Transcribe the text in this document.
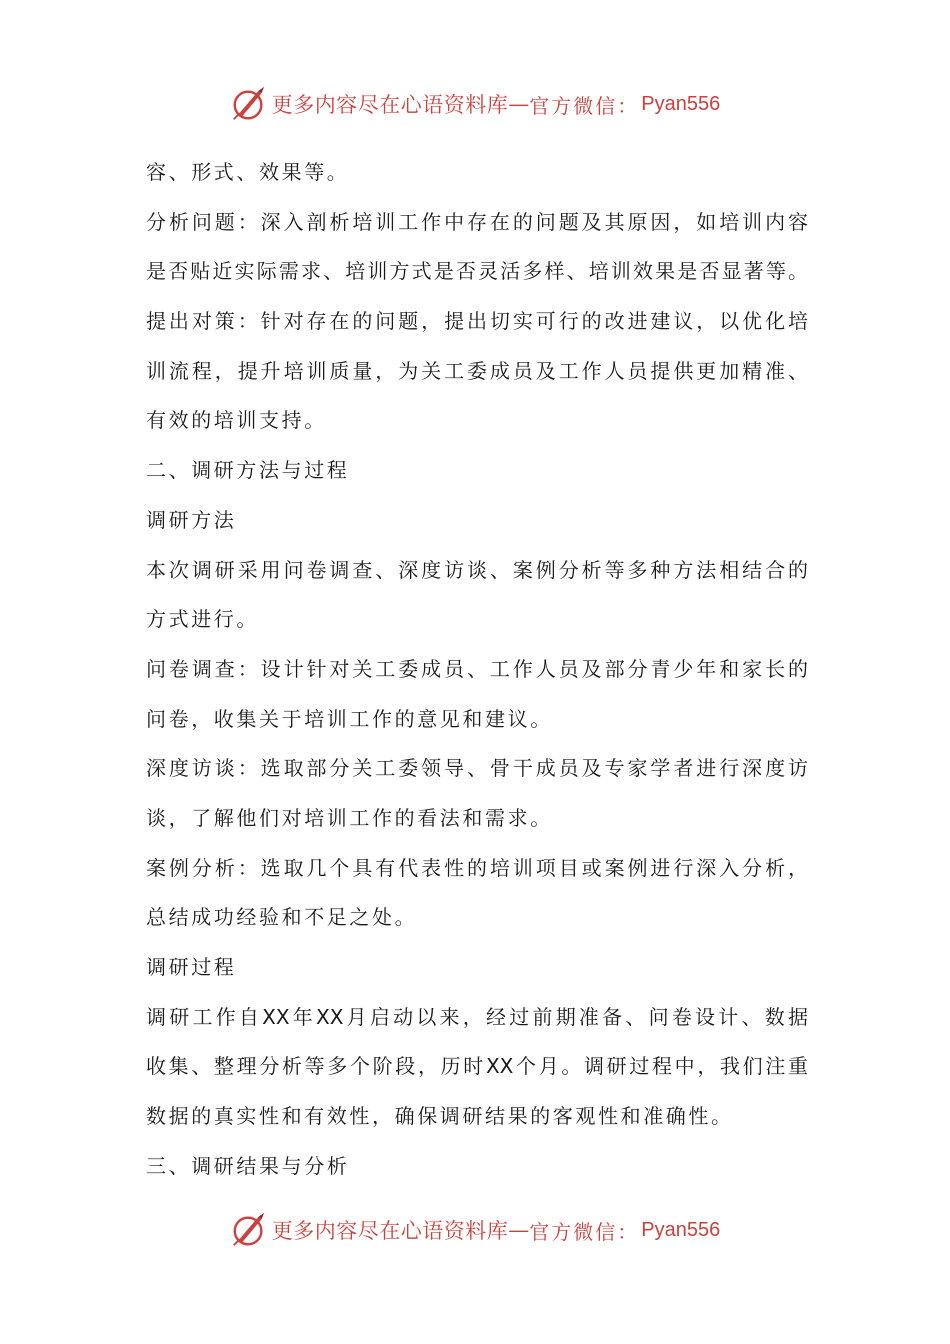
更多内容尽在心语资料库 — 官方微信： Pyan556
容、形式、效果等。
分析问题：深入剖析培训工作中存在的问题及其原因，如培训内容
是否贴近实际需求、培训方式是否灵活多样、培训效果是否显著等。
提出对策：针对存在的问题，提出切实可行的改进建议，以优化培
训流程，提升培训质量，为关工委成员及工作人员提供更加精准、
有效的培训支持。
二、调研方法与过程
调研方法
本次调研采用问卷调查、深度访谈、案例分析等多种方法相结合的
方式进行。
问卷调查：设计针对关工委成员、工作人员及部分青少年和家长的
问卷，收集关于培训工作的意见和建议。
深度访谈：选取部分关工委领导、骨干成员及专家学者进行深度访
谈，了解他们对培训工作的看法和需求。
案例分析：选取几个具有代表性的培训项目或案例进行深入分析，
总结成功经验和不足之处。
调研过程
调研工作自XX年XX月启动以来，经过前期准备、问卷设计、数据
收集、整理分析等多个阶段，历时XX个月。调研过程中，我们注重
数据的真实性和有效性，确保调研结果的客观性和准确性。
三、调研结果与分析
更多内容尽在心语资料库 — 官方微信： Pyan556
